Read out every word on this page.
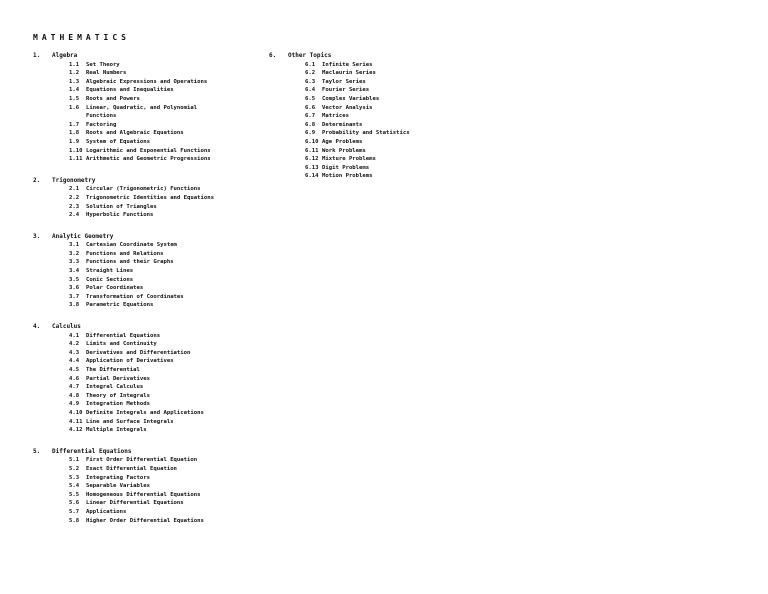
MATHEMATICS
1.	Algebra
1.1	Set Theory
1.2	Real Numbers
1.3	Algebraic Expressions and Operations
1.4	Equations and Inequalities
1.5	Roots and Powers
1.6	Linear, Quadratic, and Polynomial
Functions
1.7	Factoring
1.8	Roots and Algebraic Equations
1.9	System of Equations
1.10 Logarithmic and Exponential Functions
1.11 Arithmetic and Geometric Progressions
2.	Trigonometry
2.1	Circular (Trigonometric) Functions
2.2	Trigonometric Identities and Equations
2.3	Solution of Triangles
2.4	Hyperbolic Functions
3.	Analytic Geometry
3.1	Cartesian Coordinate System
3.2	Functions and Relations
3.3	Functions and their Graphs
3.4	Straight Lines
3.5	Conic Sections
3.6	Polar Coordinates
3.7	Transformation of Coordinates
3.8	Parametric Equations
4.	Calculus
4.1	Differential Equations
4.2	Limits and Continuity
4.3	Derivatives and Differentiation
4.4	Application of Derivatives
4.5	The Differential
4.6	Partial Derivatives
4.7	Integral Calculus
4.8	Theory of Integrals
4.9	Integration Methods
4.10 Definite Integrals and Applications
4.11 Line and Surface Integrals
4.12 Multiple Integrals
5.	Differential Equations
5.1	First Order Differential Equation
5.2	Exact Differential Equation
5.3	Integrating Factors
5.4	Separable Variables
5.5	Homogeneous Differential Equations
5.6	Linear Differential Equations
5.7	Applications
5.8	Higher Order Differential Equations
6.	Other Topics
6.1	Infinite Series
6.2	Maclaurin Series
6.3	Taylor Series
6.4	Fourier Series
6.5	Complex Variables
6.6	Vector Analysis
6.7	Matrices
6.8	Determinants
6.9	Probability and Statistics
6.10 Age Problems
6.11 Work Problems
6.12 Mixture Problems
6.13 Digit Problems
6.14 Motion Problems
